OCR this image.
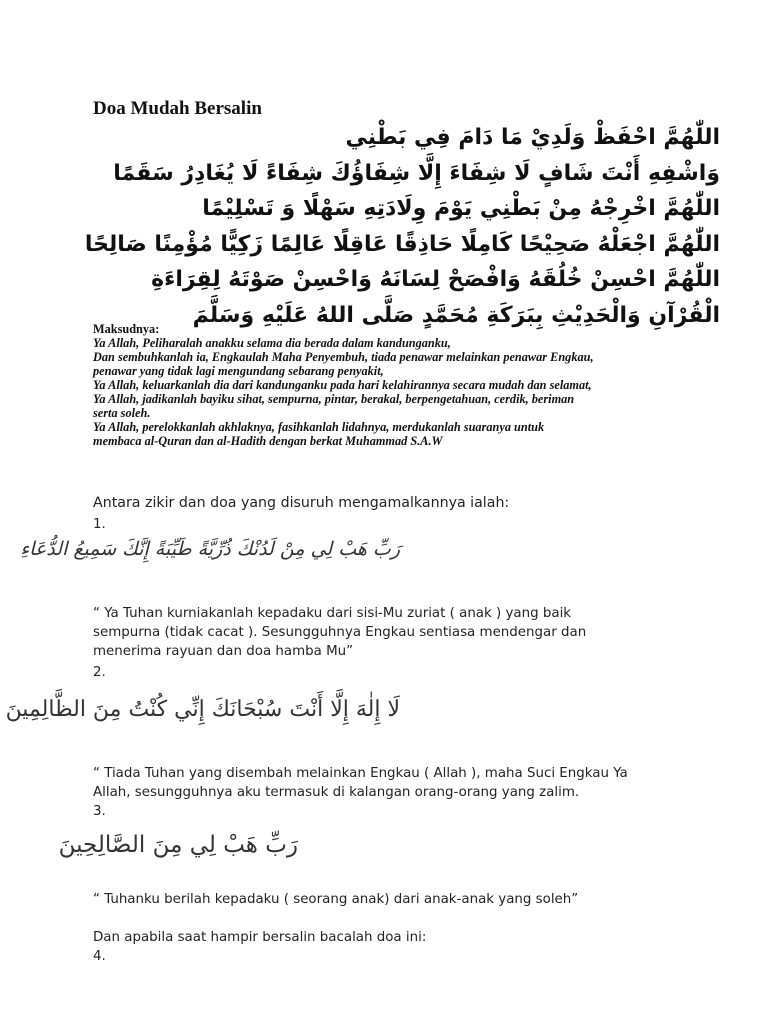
Doa Mudah Bersalin
اللّٰهُمَّ احْفَظْ وَلَدِيْ مَا دَامَ فِي بَطْنِي
وَاشْفِهِ أَنْتَ شَافٍ لَا شِفَاءَ إِلَّا شِفَاؤُكَ شِفَاءً لَا يُغَادِرُ سَقَمًا
اللّٰهُمَّ اخْرِجْهُ مِنْ بَطْنِي يَوْمَ وِلَادَتِهِ سَهْلًا وَ تَسْلِيْمًا
اللّٰهُمَّ اجْعَلْهُ صَحِيْحًا كَامِلًا حَاذِقًا عَاقِلًا عَالِمًا زَكِيًّا مُؤْمِنًا صَالِحًا
اللّٰهُمَّ احْسِنْ خُلُقَهُ وَافْصَحْ لِسَانَهُ وَاحْسِنْ صَوْتَهُ لِقِرَاءَةِ
الْقُرْآنِ وَالْحَدِيْثِ بِبَرَكَةِ مُحَمَّدٍ صَلَّى اللهُ عَلَيْهِ وَسَلَّمَ
Maksudnya:
Ya Allah, Peliharalah anakku selama dia berada dalam kandunganku,
Dan sembuhkanlah ia, Engkaulah Maha Penyembuh, tiada penawar melainkan penawar Engkau,
penawar yang tidak lagi mengundang sebarang penyakit,
Ya Allah, keluarkanlah dia dari kandunganku pada hari kelahirannya secara mudah dan selamat,
Ya Allah, jadikanlah bayiku sihat, sempurna, pintar, berakal, berpengetahuan, cerdik, beriman
serta soleh.
Ya Allah, perelokkanlah akhlaknya, fasihkanlah lidahnya, merdukanlah suaranya untuk
membaca al-Quran dan al-Hadith dengan berkat Muhammad S.A.W
Antara zikir dan doa yang disuruh mengamalkannya ialah:
1.
رَبِّ هَبْ لِي مِنْ لَدُنْكَ ذُرِّيَّةً طَيِّبَةً إِنَّكَ سَمِيعُ الدُّعَاءِ
“ Ya Tuhan kurniakanlah kepadaku dari sisi-Mu zuriat ( anak ) yang baik
sempurna (tidak cacat ). Sesungguhnya Engkau sentiasa mendengar dan
menerima rayuan dan doa hamba Mu”
2.
لَا إِلٰهَ إِلَّا أَنْتَ سُبْحَانَكَ إِنِّي كُنْتُ مِنَ الظَّالِمِينَ
“ Tiada Tuhan yang disembah melainkan Engkau ( Allah ), maha Suci Engkau Ya
Allah, sesungguhnya aku termasuk di kalangan orang-orang yang zalim.
3.
رَبِّ هَبْ لِي مِنَ الصَّالِحِينَ
“ Tuhanku berilah kepadaku ( seorang anak) dari anak-anak yang soleh”
Dan apabila saat hampir bersalin bacalah doa ini:
4.
